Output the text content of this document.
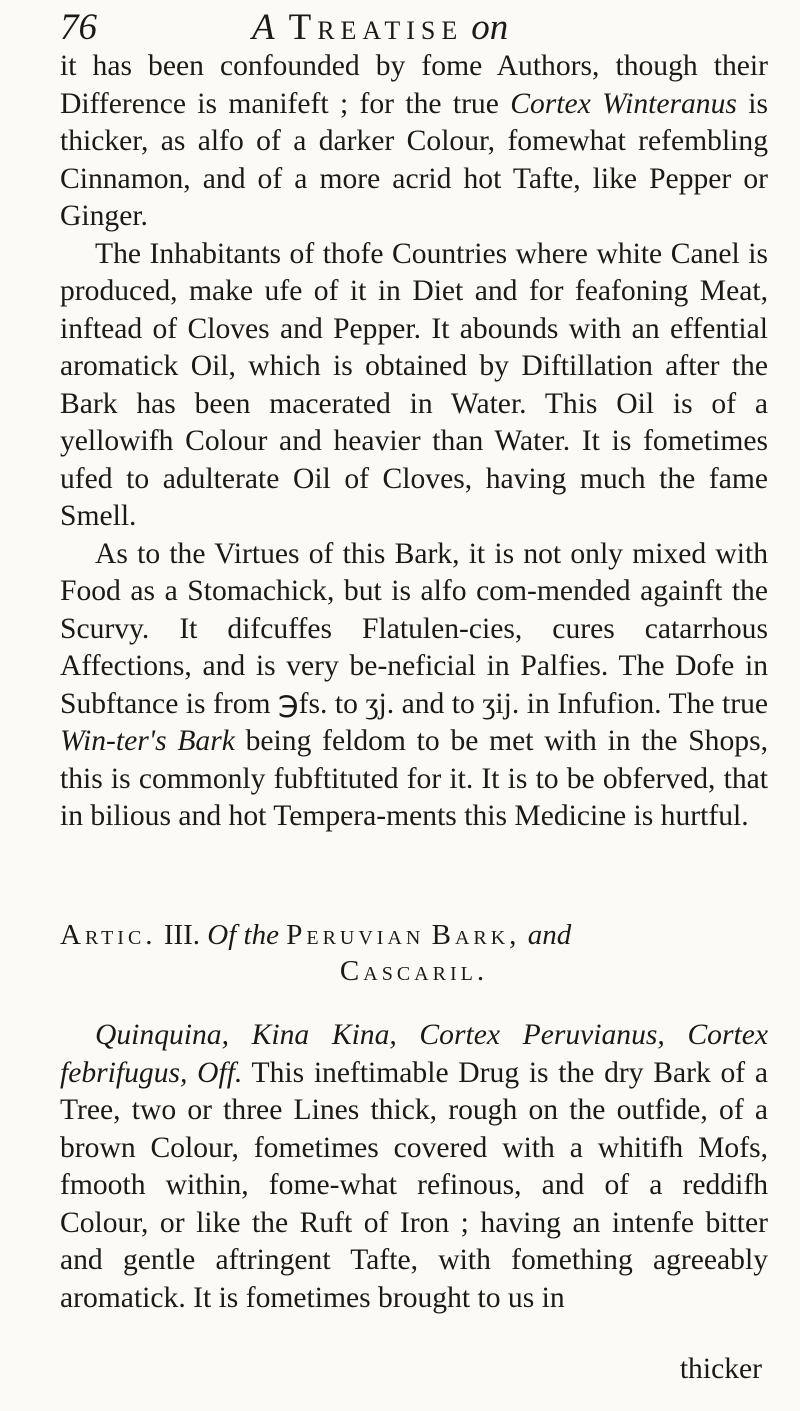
76	A Treatise on

it has been confounded by fome Authors, though their Difference is manifeft ; for the true Cortex Winteranus is thicker, as alfo of a darker Colour, fomewhat refembling Cinnamon, and of a more acrid hot Tafte, like Pepper or Ginger.

The Inhabitants of thofe Countries where white Canel is produced, make ufe of it in Diet and for feafoning Meat, inftead of Cloves and Pepper. It abounds with an effential aromatick Oil, which is obtained by Diftillation after the Bark has been macerated in Water. This Oil is of a yellowifh Colour and heavier than Water. It is fometimes ufed to adulterate Oil of Cloves, having much the fame Smell.

As to the Virtues of this Bark, it is not only mixed with Food as a Stomachick, but is alfo com-mended againft the Scurvy. It difcuffes Flatulen-cies, cures catarrhous Affections, and is very be-neficial in Palfies. The Dofe in Subftance is from ℈fs. to ʒj. and to ʒij. in Infufion. The true Win-ter's Bark being feldom to be met with in the Shops, this is commonly fubftituted for it. It is to be obferved, that in bilious and hot Tempera-ments this Medicine is hurtful.

Artic. III. Of the Peruvian Bark, and
Cascaril.

Quinquina, Kina Kina, Cortex Peruvianus, Cortex febrifugus, Off. This ineftimable Drug is the dry Bark of a Tree, two or three Lines thick, rough on the outfide, of a brown Colour, fometimes covered with a whitifh Mofs, fmooth within, fome-what refinous, and of a reddifh Colour, or like the Ruft of Iron ; having an intenfe bitter and gentle aftringent Tafte, with fomething agreeably aromatick. It is fometimes brought to us in

thicker
